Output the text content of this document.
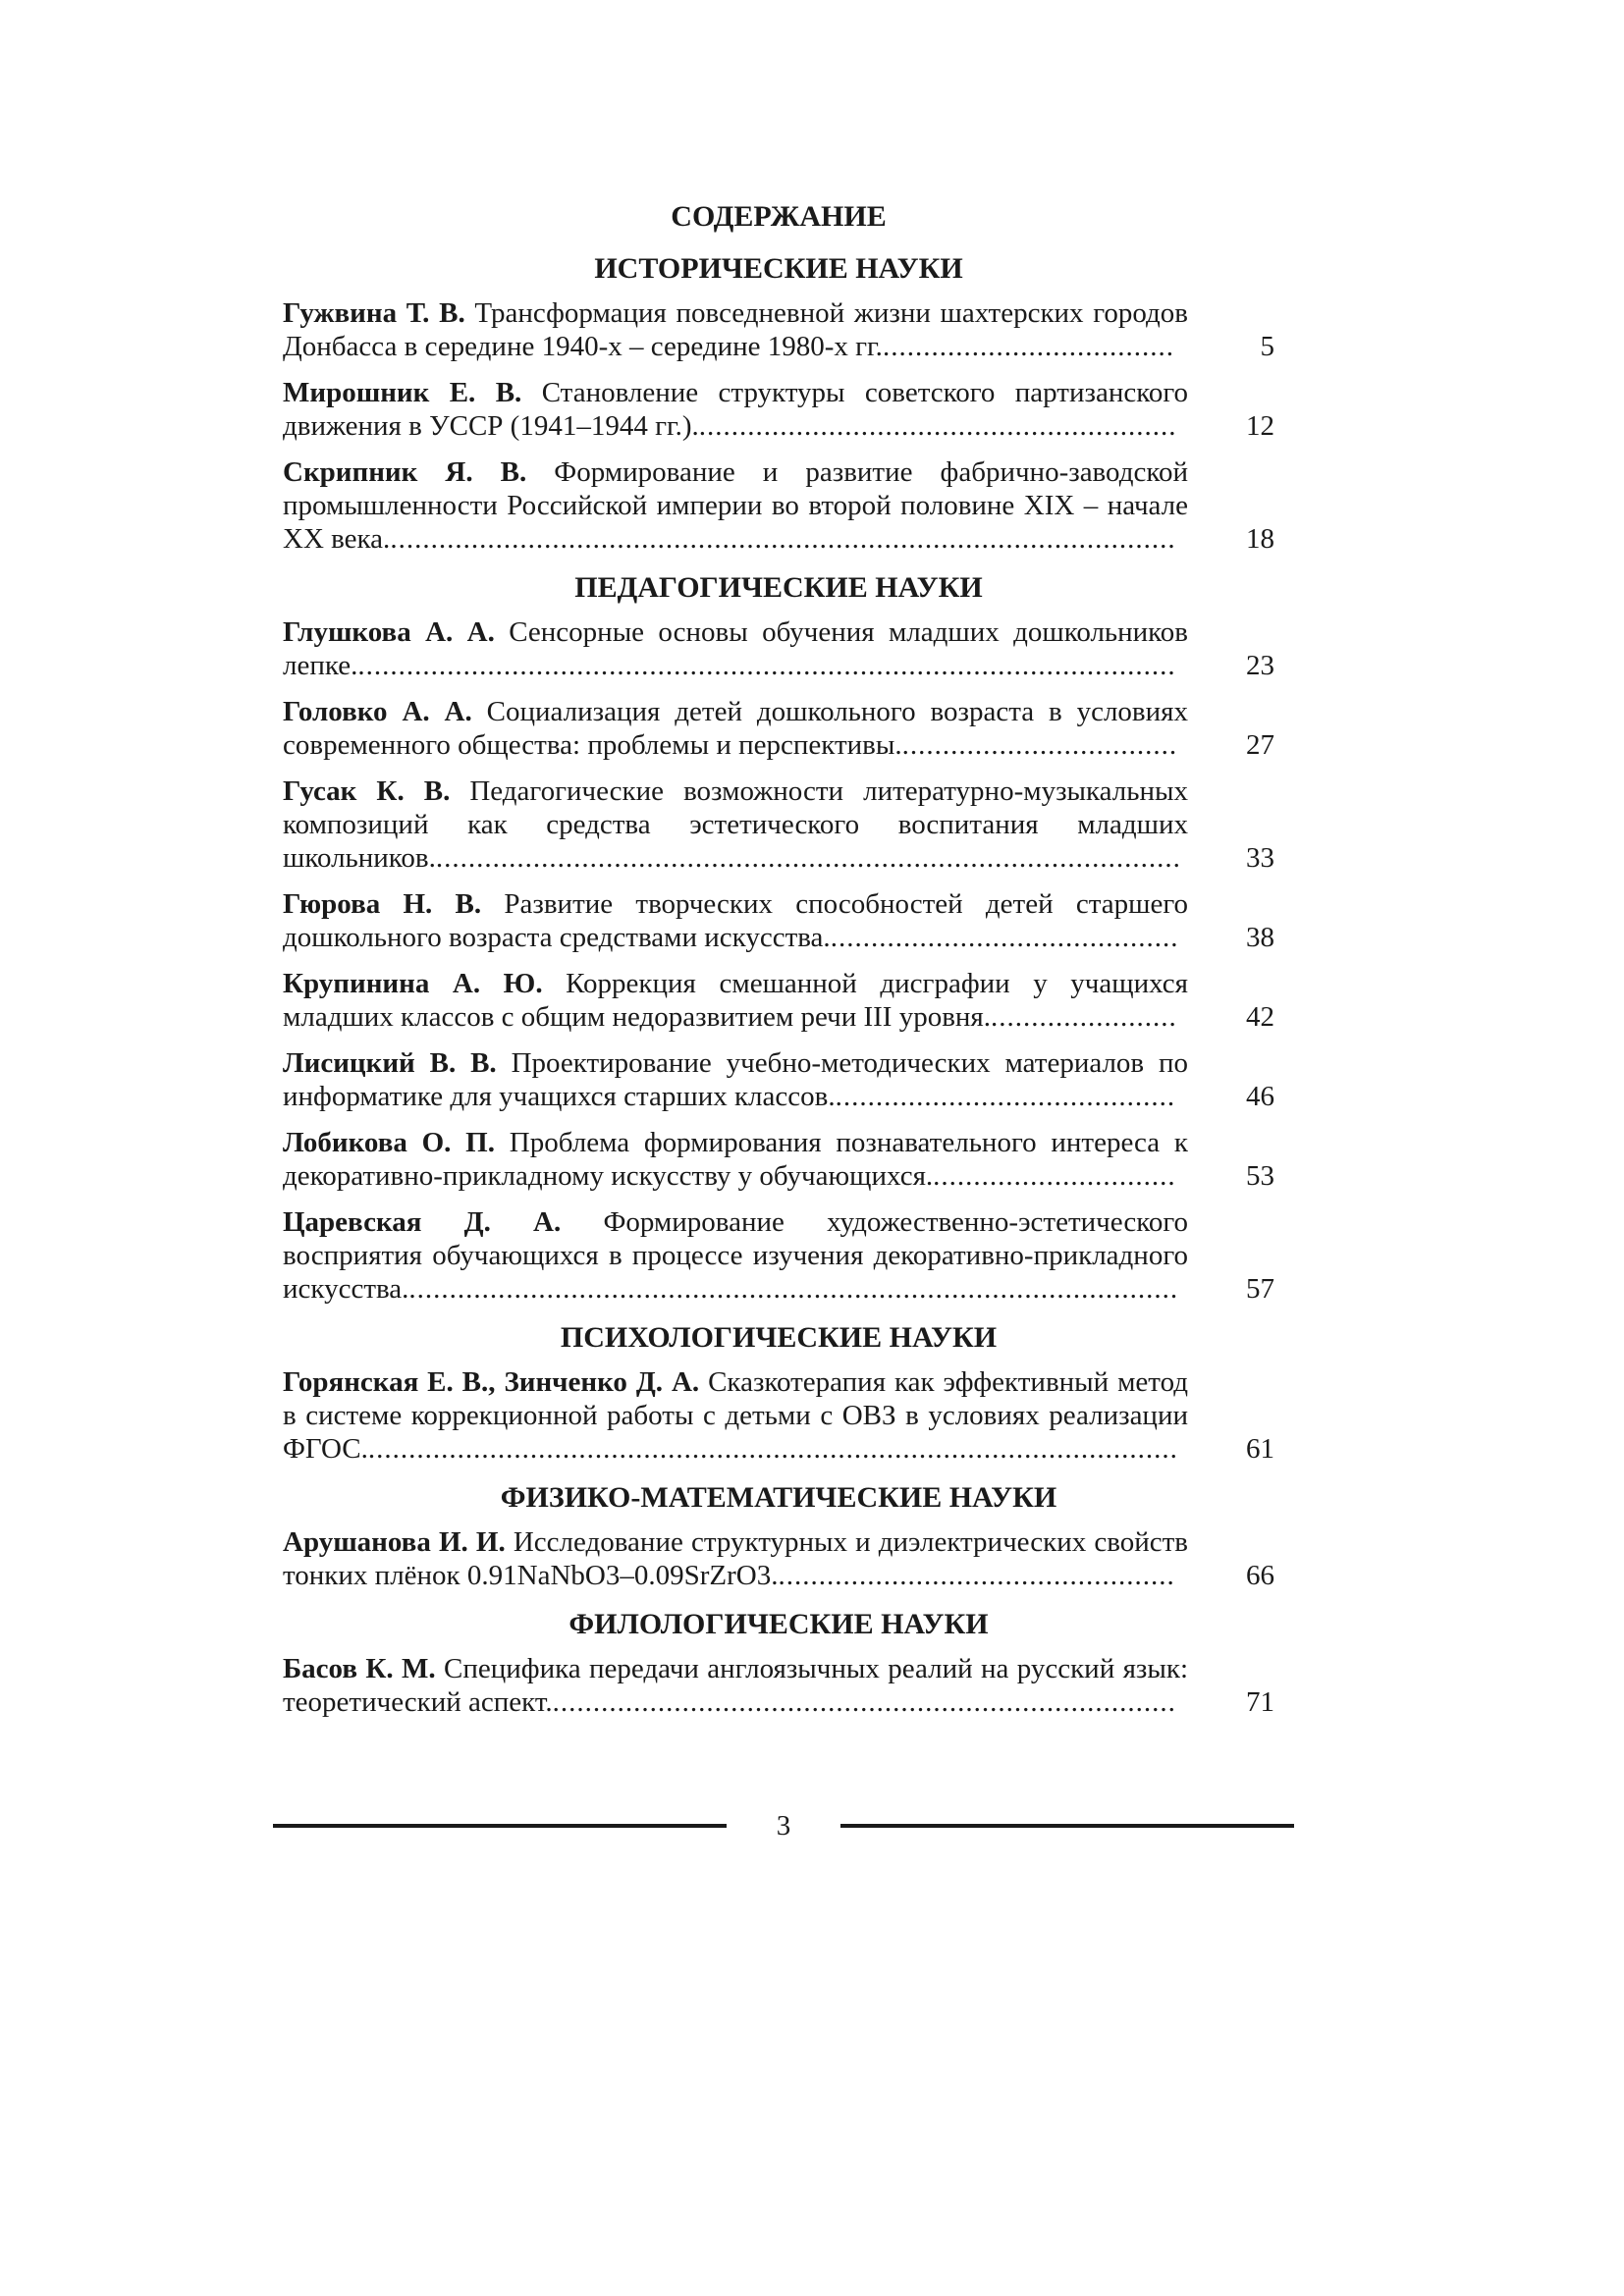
СОДЕРЖАНИЕ
ИСТОРИЧЕСКИЕ НАУКИ
Гужвина Т. В. Трансформация повседневной жизни шахтерских городов Донбасса в середине 1940-х – середине 1980-х гг.....................................	5
Мирошник Е. В. Становление структуры советского партизанского движения в УССР (1941–1944 гг.)............................................................	12
Скрипник Я. В. Формирование и развитие фабрично-заводской промышленности Российской империи во второй половине XIX – начале XX века..................................................................................................	18
ПЕДАГОГИЧЕСКИЕ НАУКИ
Глушкова А. А. Сенсорные основы обучения младших дошкольников лепке......................................................................................................	23
Головко А. А. Социализация детей дошкольного возраста в условиях современного общества: проблемы и перспективы...................................	27
Гусак К. В. Педагогические возможности литературно-музыкальных композиций как средства эстетического воспитания младших школьников.............................................................................................	33
Гюрова Н. В. Развитие творческих способностей детей старшего дошкольного возраста средствами искусства............................................	38
Крупинина А. Ю. Коррекция смешанной дисграфии у учащихся младших классов с общим недоразвитием речи III уровня........................	42
Лисицкий В. В. Проектирование учебно-методических материалов по информатике для учащихся старших классов...........................................	46
Лобикова О. П. Проблема формирования познавательного интереса к декоративно-прикладному искусству у обучающихся...............................	53
Царевская Д. А. Формирование художественно-эстетического восприятия обучающихся в процессе изучения декоративно-прикладного искусства................................................................................................	57
ПСИХОЛОГИЧЕСКИЕ НАУКИ
Горянская Е. В., Зинченко Д. А. Сказкотерапия как эффективный метод в системе коррекционной работы с детьми с ОВЗ в условиях реализации ФГОС.....................................................................................................	61
ФИЗИКО-МАТЕМАТИЧЕСКИЕ НАУКИ
Арушанова И. И. Исследование структурных и диэлектрических свойств тонких плёнок 0.91NaNbO3–0.09SrZrO3..................................................	66
ФИЛОЛОГИЧЕСКИЕ НАУКИ
Басов К. М. Специфика передачи англоязычных реалий на русский язык: теоретический аспект..............................................................................	71
3
